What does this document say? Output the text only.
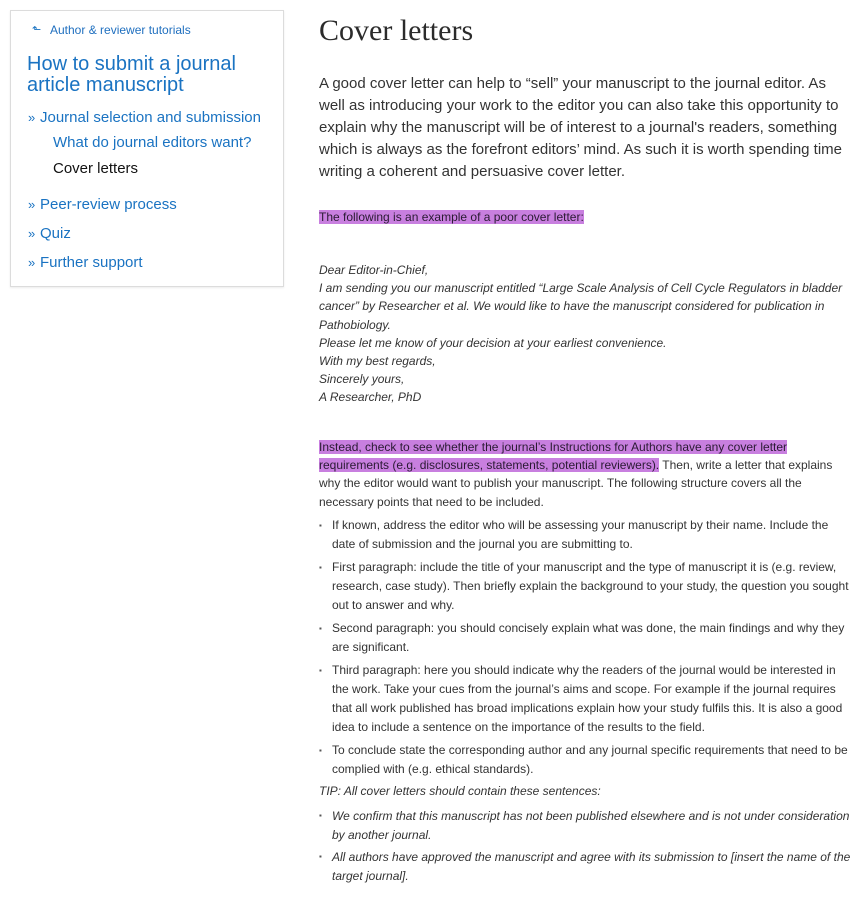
⬑ Author & reviewer tutorials
How to submit a journal article manuscript
» Journal selection and submission
What do journal editors want?
Cover letters
» Peer-review process
» Quiz
» Further support
Cover letters

A good cover letter can help to “sell” your manuscript to the journal editor. As well as introducing your work to the editor you can also take this opportunity to explain why the manuscript will be of interest to a journal's readers, something which is always as the forefront editors’ mind. As such it is worth spending time writing a coherent and persuasive cover letter.

The following is an example of a poor cover letter:

Dear Editor-in-Chief,
I am sending you our manuscript entitled “Large Scale Analysis of Cell Cycle Regulators in bladder
cancer” by Researcher et al. We would like to have the manuscript considered for publication in
Pathobiology.
Please let me know of your decision at your earliest convenience.
With my best regards,
Sincerely yours,
A Researcher, PhD

Instead, check to see whether the journal’s Instructions for Authors have any cover letter requirements (e.g. disclosures, statements, potential reviewers). Then, write a letter that explains why the editor would want to publish your manuscript. The following structure covers all the necessary points that need to be included.

▪ If known, address the editor who will be assessing your manuscript by their name. Include the date of submission and the journal you are submitting to.
▪ First paragraph: include the title of your manuscript and the type of manuscript it is (e.g. review, research, case study). Then briefly explain the background to your study, the question you sought out to answer and why.
▪ Second paragraph: you should concisely explain what was done, the main findings and why they are significant.
▪ Third paragraph: here you should indicate why the readers of the journal would be interested in the work. Take your cues from the journal’s aims and scope. For example if the journal requires that all work published has broad implications explain how your study fulfils this. It is also a good idea to include a sentence on the importance of the results to the field.
▪ To conclude state the corresponding author and any journal specific requirements that need to be complied with (e.g. ethical standards).

TIP: All cover letters should contain these sentences:

▪ We confirm that this manuscript has not been published elsewhere and is not under consideration by another journal.
▪ All authors have approved the manuscript and agree with its submission to [insert the name of the target journal].
